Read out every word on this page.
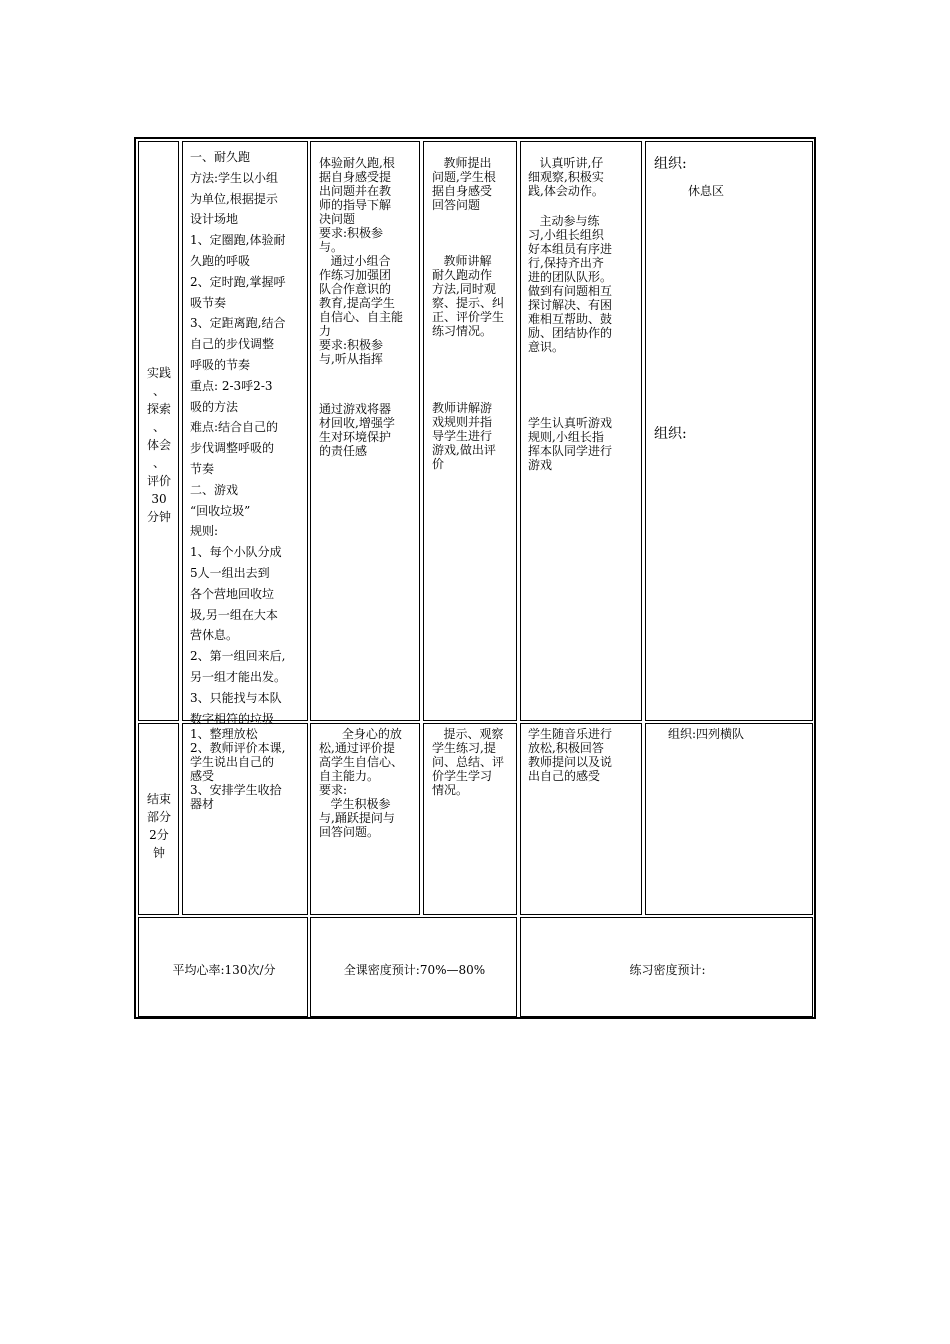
实践
、
探索
、
体会
、
评价
30
分钟
一、耐久跑
方法:学生以小组
为单位,根据提示
设计场地
1、定圈跑,体验耐
久跑的呼吸
2、定时跑,掌握呼
吸节奏
3、定距离跑,结合
自己的步伐调整
呼吸的节奏
重点: 2-3呼2-3
吸的方法
难点:结合自己的
步伐调整呼吸的
节奏
二、游戏
“回收垃圾”
规则:
1、每个小队分成
5人一组出去到
各个营地回收垃
圾,另一组在大本
营休息。
2、第一组回来后,
另一组才能出发。
3、只能找与本队
数字相符的垃圾
体验耐久跑,根
据自身感受提
出问题并在教
师的指导下解
决问题
要求:积极参
与。
通过小组合
作练习加强团
队合作意识的
教育,提高学生
自信心、自主能
力
要求:积极参
与,听从指挥
通过游戏将器
材回收,增强学
生对环境保护
的责任感
教师提出
问题,学生根
据自身感受
回答问题
教师讲解
耐久跑动作
方法,同时观
察、提示、纠
正、评价学生
练习情况。
教师讲解游
戏规则并指
导学生进行
游戏,做出评
价
认真听讲,仔
细观察,积极实
践,体会动作。
主动参与练
习,小组长组织
好本组员有序进
行,保持齐出齐
进的团队队形。
做到有问题相互
探讨解决、有困
难相互帮助、鼓
励、团结协作的
意识。
学生认真听游戏
规则,小组长指
挥本队同学进行
游戏
组织:
休息区
组织:
结束
部分
2分
钟
1、整理放松
2、教师评价本课,
学生说出自己的
感受
3、安排学生收拾
器材
全身心的放
松,通过评价提
高学生自信心、
自主能力。
要求:
学生积极参
与,踊跃提问与
回答问题。
提示、观察
学生练习,提
问、总结、评
价学生学习
情况。
学生随音乐进行
放松,积极回答
教师提问以及说
出自己的感受
组织:四列横队
平均心率:130次/分	全课密度预计:70%—80%	练习密度预计:
